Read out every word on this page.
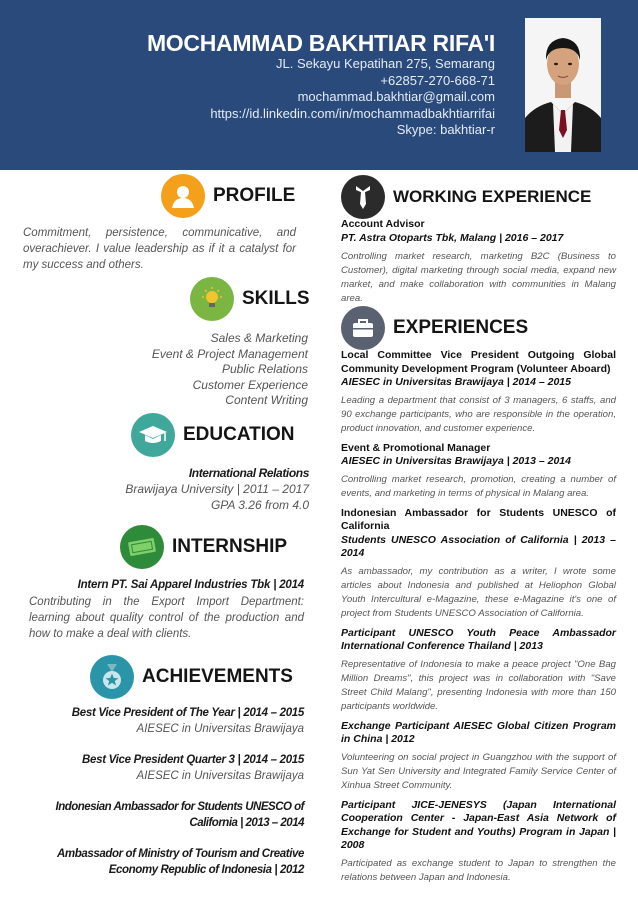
MOCHAMMAD BAKHTIAR RIFA'I
JL. Sekayu Kepatihan 275, Semarang
+62857-270-668-71
mochammad.bakhtiar@gmail.com
https://id.linkedin.com/in/mochammadbakhtiarrifai
Skype: bakhtiar-r
PROFILE
Commitment, persistence, communicative, and overachiever. I value leadership as if it a catalyst for my success and others.
SKILLS
Sales & Marketing
Event & Project Management
Public Relations
Customer Experience
Content Writing
EDUCATION
International Relations
Brawijaya University | 2011 – 2017
GPA 3.26 from 4.0
INTERNSHIP
Intern PT. Sai Apparel Industries Tbk | 2014
Contributing in the Export Import Department: learning about quality control of the production and how to make a deal with clients.
ACHIEVEMENTS
Best Vice President of The Year | 2014 – 2015
AIESEC in Universitas Brawijaya
Best Vice President Quarter 3 | 2014 – 2015
AIESEC in Universitas Brawijaya
Indonesian Ambassador for Students UNESCO of California | 2013 – 2014
Ambassador of Ministry of Tourism and Creative Economy Republic of Indonesia | 2012
WORKING EXPERIENCE
Account Advisor
PT. Astra Otoparts Tbk, Malang | 2016 – 2017
Controlling market research, marketing B2C (Business to Customer), digital marketing through social media, expand new market, and make collaboration with communities in Malang area.
EXPERIENCES
Local Committee Vice President Outgoing Global Community Development Program (Volunteer Aboard)
AIESEC in Universitas Brawijaya | 2014 – 2015
Leading a department that consist of 3 managers, 6 staffs, and 90 exchange participants, who are responsible in the operation, product innovation, and customer experience.
Event & Promotional Manager
AIESEC in Universitas Brawijaya | 2013 – 2014
Controlling market research, promotion, creating a number of events, and marketing in terms of physical in Malang area.
Indonesian Ambassador for Students UNESCO of California
Students UNESCO Association of California | 2013 – 2014
As ambassador, my contribution as a writer, I wrote some articles about Indonesia and published at Heliophon Global Youth Intercultural e-Magazine, these e-Magazine it's one of project from Students UNESCO Association of California.
Participant UNESCO Youth Peace Ambassador International Conference Thailand | 2013
Representative of Indonesia to make a peace project "One Bag Million Dreams", this project was in collaboration with "Save Street Child Malang", presenting Indonesia with more than 150 participants worldwide.
Exchange Participant AIESEC Global Citizen Program in China | 2012
Volunteering on social project in Guangzhou with the support of Sun Yat Sen University and Integrated Family Service Center of Xinhua Street Community.
Participant JICE-JENESYS (Japan International Cooperation Center - Japan-East Asia Network of Exchange for Student and Youths) Program in Japan | 2008
Participated as exchange student to Japan to strengthen the relations between Japan and Indonesia.
